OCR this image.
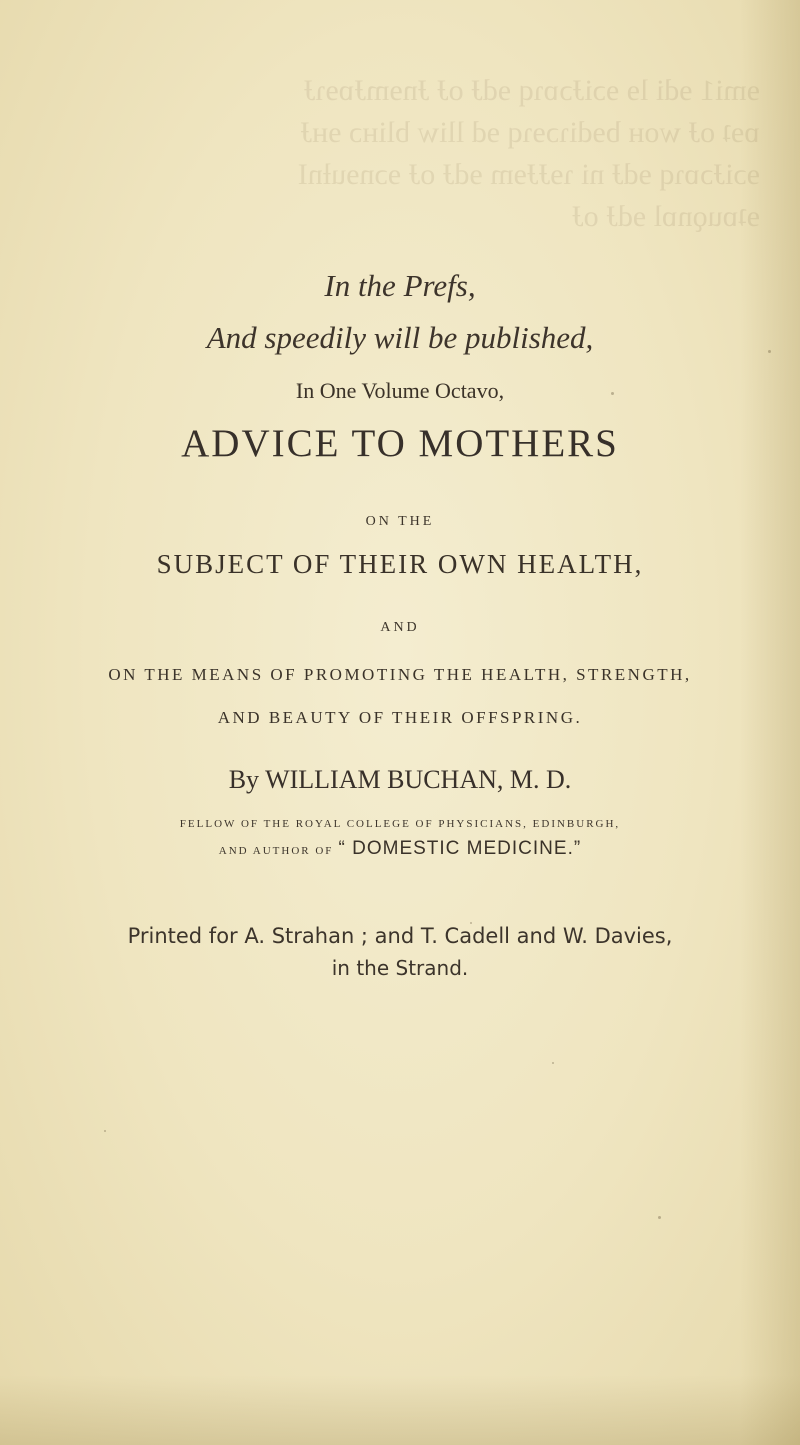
ɘmi1 ɘdi lɘ ɘɔiɈɔɒɿq ɘdɈ oɈ ɈnɘmɈɒɘɿɈ
ɒɘʇ oɈ woʜ bɘdiɿɔɘɿq ɘd lliw bliʜɔ ɘʜɈ
ɘɔiɈɔɒɿq ɘdɈ ni ɿɘɈɈɘm ɘdɈ oɈ ɘɔnɘuƚnI
ɘʇɒuǫnɒl ɘdɈ oɈ
In the Prefs,
And speedily will be published,
In One Volume Octavo,
ADVICE TO MOTHERS
ON THE
SUBJECT OF THEIR OWN HEALTH,
AND
ON THE MEANS OF PROMOTING THE HEALTH, STRENGTH,
AND BEAUTY OF THEIR OFFSPRING.
By WILLIAM BUCHAN, M. D.
FELLOW OF THE ROYAL COLLEGE OF PHYSICIANS, EDINBURGH,
AND AUTHOR OF “ DOMESTIC MEDICINE.”
Printed for A. Strahan ; and T. Cadell and W. Davies,
in the Strand.
